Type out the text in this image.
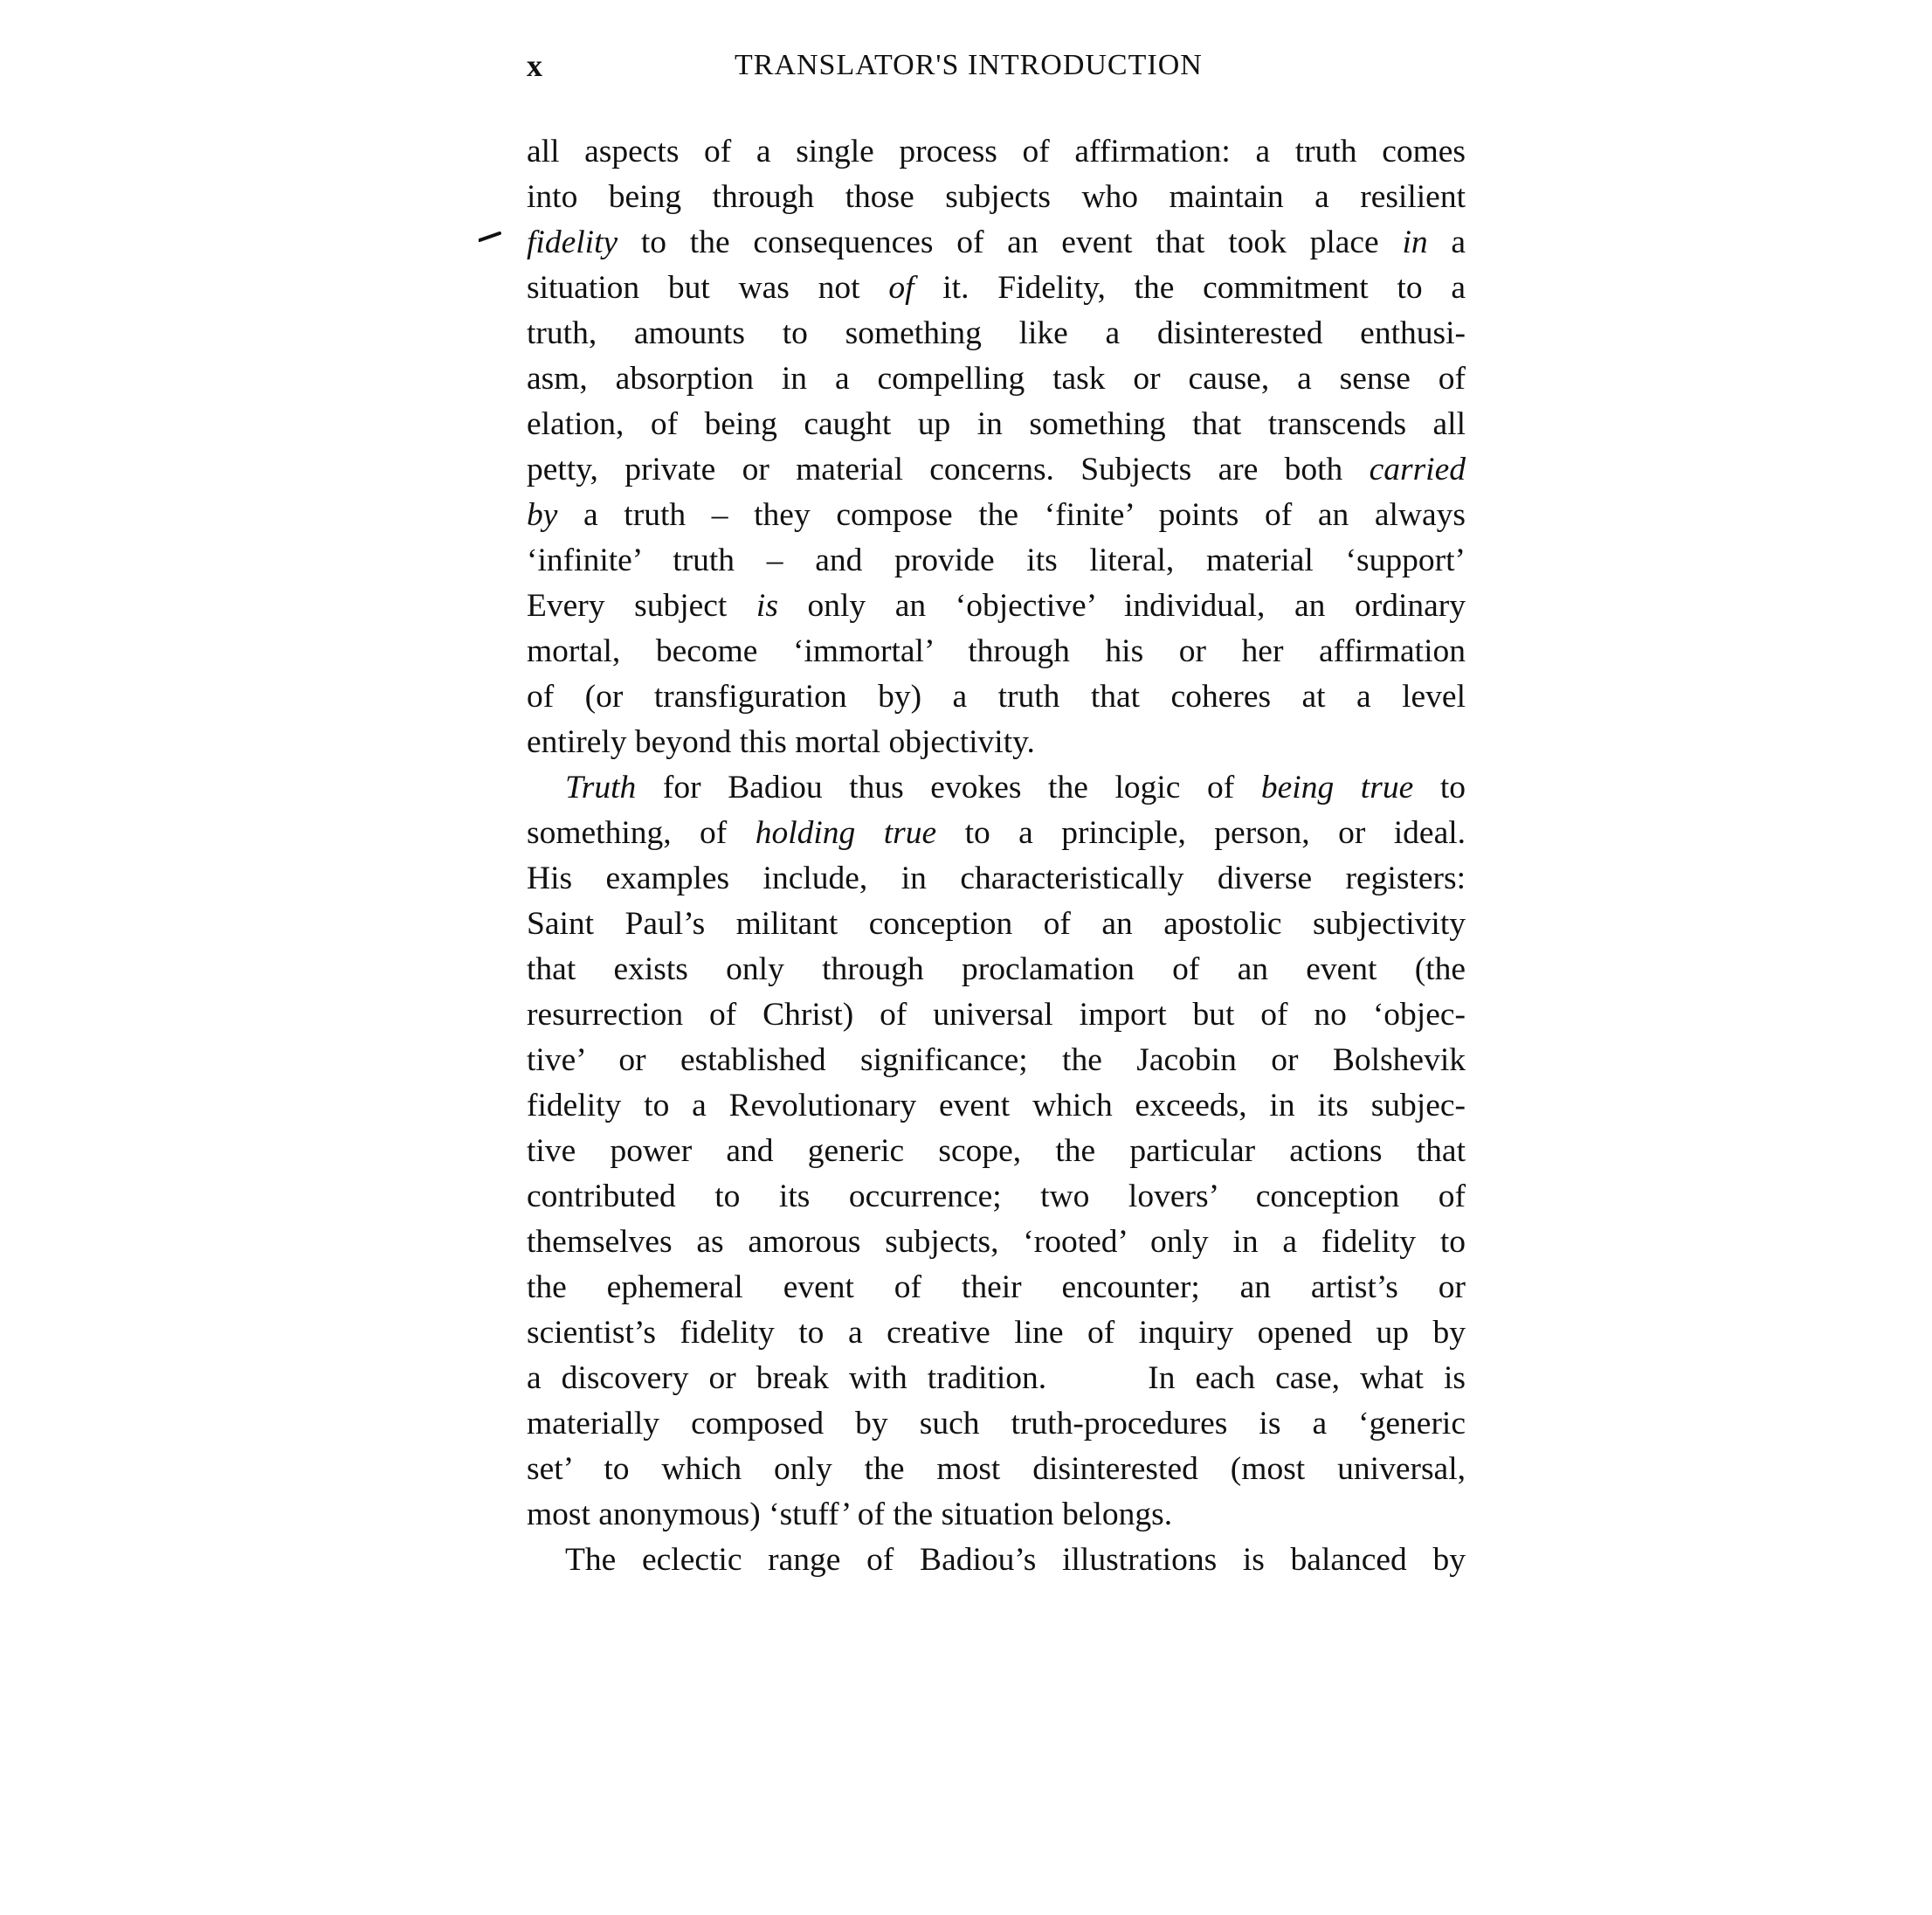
x	TRANSLATOR'S INTRODUCTION
all aspects of a single process of affirmation: a truth comes
into being through those subjects who maintain a resilient
fidelity to the consequences of an event that took place in a
situation but was not of it. Fidelity, the commitment to a
truth, amounts to something like a disinterested enthusi-
asm, absorption in a compelling task or cause, a sense of
elation, of being caught up in something that transcends all
petty, private or material concerns. Subjects are both carried
by a truth – they compose the ‘finite’ points of an always
‘infinite’ truth – and provide its literal, material ‘support’
Every subject is only an ‘objective’ individual, an ordinary
mortal, become ‘immortal’ through his or her affirmation
of (or transfiguration by) a truth that coheres at a level
entirely beyond this mortal objectivity.
Truth for Badiou thus evokes the logic of being true to
something, of holding true to a principle, person, or ideal.
His examples include, in characteristically diverse registers:
Saint Paul’s militant conception of an apostolic subjectivity
that exists only through proclamation of an event (the
resurrection of Christ) of universal import but of no ‘objec-
tive’ or established significance; the Jacobin or Bolshevik
fidelity to a Revolutionary event which exceeds, in its subjec-
tive power and generic scope, the particular actions that
contributed to its occurrence; two lovers’ conception of
themselves as amorous subjects, ‘rooted’ only in a fidelity to
the ephemeral event of their encounter; an artist’s or
scientist’s fidelity to a creative line of inquiry opened up by
a discovery or break with tradition.	In each case, what is
materially composed by such truth-procedures is a ‘generic
set’ to which only the most disinterested (most universal,
most anonymous) ‘stuff’ of the situation belongs.
The eclectic range of Badiou’s illustrations is balanced by
